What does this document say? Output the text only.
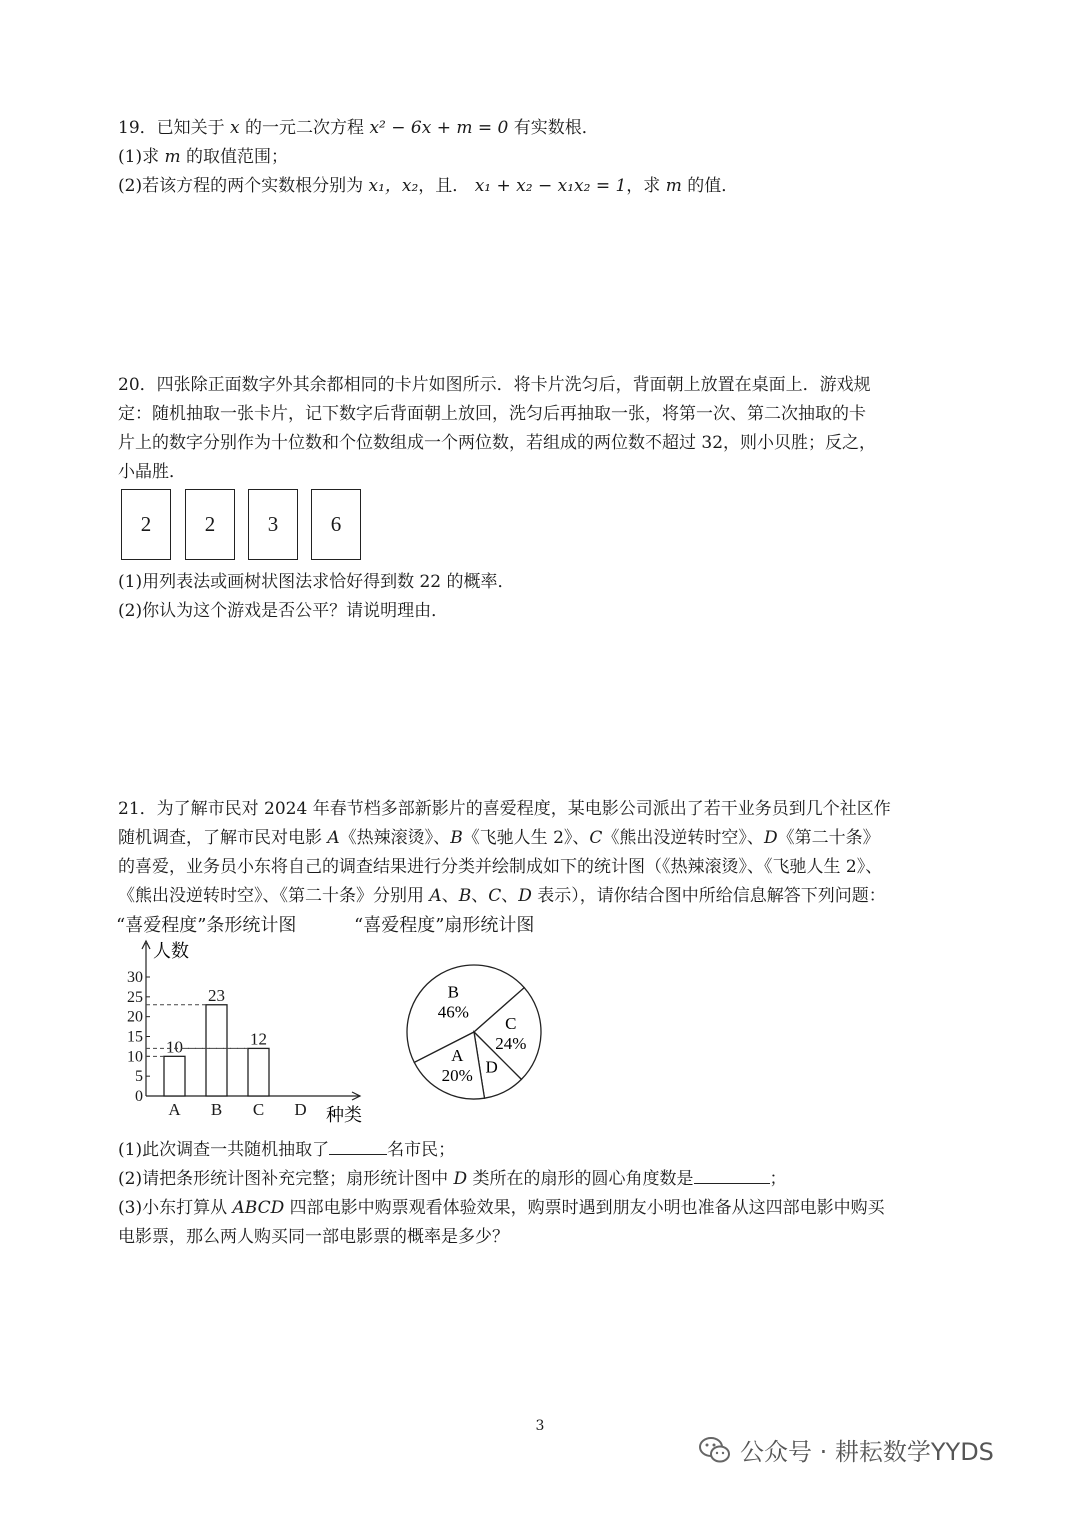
19．已知关于 x 的一元二次方程 x² − 6x + m = 0 有实数根．
(1)求 m 的取值范围；
(2)若该方程的两个实数根分别为 x₁，x₂，且． x₁ + x₂ − x₁x₂ = 1，求 m 的值．
20．四张除正面数字外其余都相同的卡片如图所示．将卡片洗匀后，背面朝上放置在桌面上．游戏规
定：随机抽取一张卡片，记下数字后背面朝上放回，洗匀后再抽取一张，将第一次、第二次抽取的卡
片上的数字分别作为十位数和个位数组成一个两位数，若组成的两位数不超过 32，则小贝胜；反之，
小晶胜．
2	2	3	6
(1)用列表法或画树状图法求恰好得到数 22 的概率．
(2)你认为这个游戏是否公平？请说明理由．
21．为了解市民对 2024 年春节档多部新影片的喜爱程度，某电影公司派出了若干业务员到几个社区作
随机调查，了解市民对电影 A《热辣滚烫》、B《飞驰人生 2》、C《熊出没逆转时空》、D《第二十条》
的喜爱，业务员小东将自己的调查结果进行分类并绘制成如下的统计图（《热辣滚烫》、《飞驰人生 2》、
《熊出没逆转时空》、《第二十条》分别用 A、B、C、D 表示），请你结合图中所给信息解答下列问题：
“喜爱程度”条形统计图	“喜爱程度”扇形统计图
人数
种类
0
5
10
15
20
25
30
A
10
B
23
C
12
D
B
46%
C
24%
D
A
20%
(1)此次调查一共随机抽取了	名市民；
(2)请把条形统计图补充完整；扇形统计图中 D 类所在的扇形的圆心角度数是	；
(3)小东打算从 ABCD 四部电影中购票观看体验效果，购票时遇到朋友小明也准备从这四部电影中购买
电影票，那么两人购买同一部电影票的概率是多少？
3
公众号 · 耕耘数学YYDS
